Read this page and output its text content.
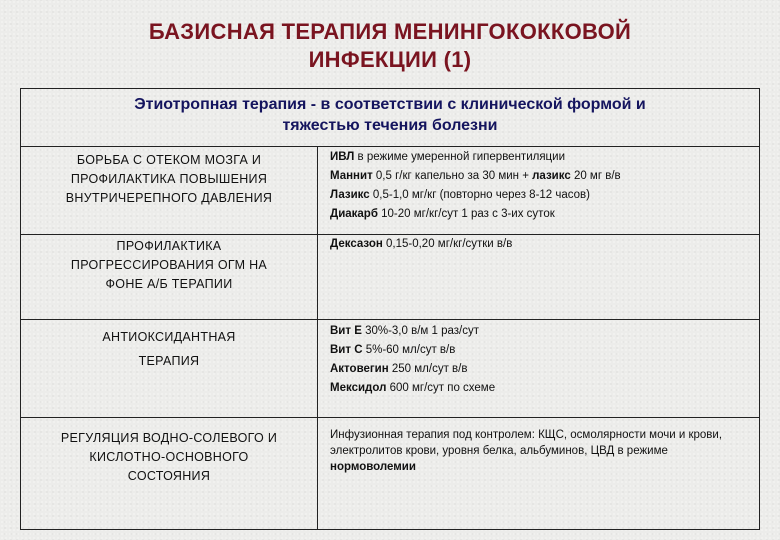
БАЗИСНАЯ ТЕРАПИЯ МЕНИНГОКОККОВОЙ
ИНФЕКЦИИ (1)
Этиотропная терапия - в соответствии с клинической формой и
тяжестью течения болезни
БОРЬБА С ОТЕКОМ МОЗГА И
ПРОФИЛАКТИКА ПОВЫШЕНИЯ
ВНУТРИЧЕРЕПНОГО ДАВЛЕНИЯ
ИВЛ в режиме умеренной гипервентиляции
Маннит 0,5 г/кг капельно за 30 мин + лазикс 20 мг в/в
Лазикс 0,5-1,0 мг/кг (повторно через 8-12 часов)
Диакарб 10-20 мг/кг/сут 1 раз с 3-их суток
ПРОФИЛАКТИКА
ПРОГРЕССИРОВАНИЯ ОГМ НА
ФОНЕ А/Б ТЕРАПИИ
Дексазон 0,15-0,20 мг/кг/сутки в/в
АНТИОКСИДАНТНАЯ
ТЕРАПИЯ
Вит Е 30%-3,0 в/м 1 раз/сут
Вит С 5%-60 мл/сут в/в
Актовегин 250 мл/сут в/в
Мексидол 600 мг/сут по схеме
РЕГУЛЯЦИЯ ВОДНО-СОЛЕВОГО И
КИСЛОТНО-ОСНОВНОГО
СОСТОЯНИЯ
Инфузионная терапия под контролем: КЩС, осмолярности мочи и крови, электролитов крови, уровня белка, альбуминов, ЦВД в режиме нормоволемии
